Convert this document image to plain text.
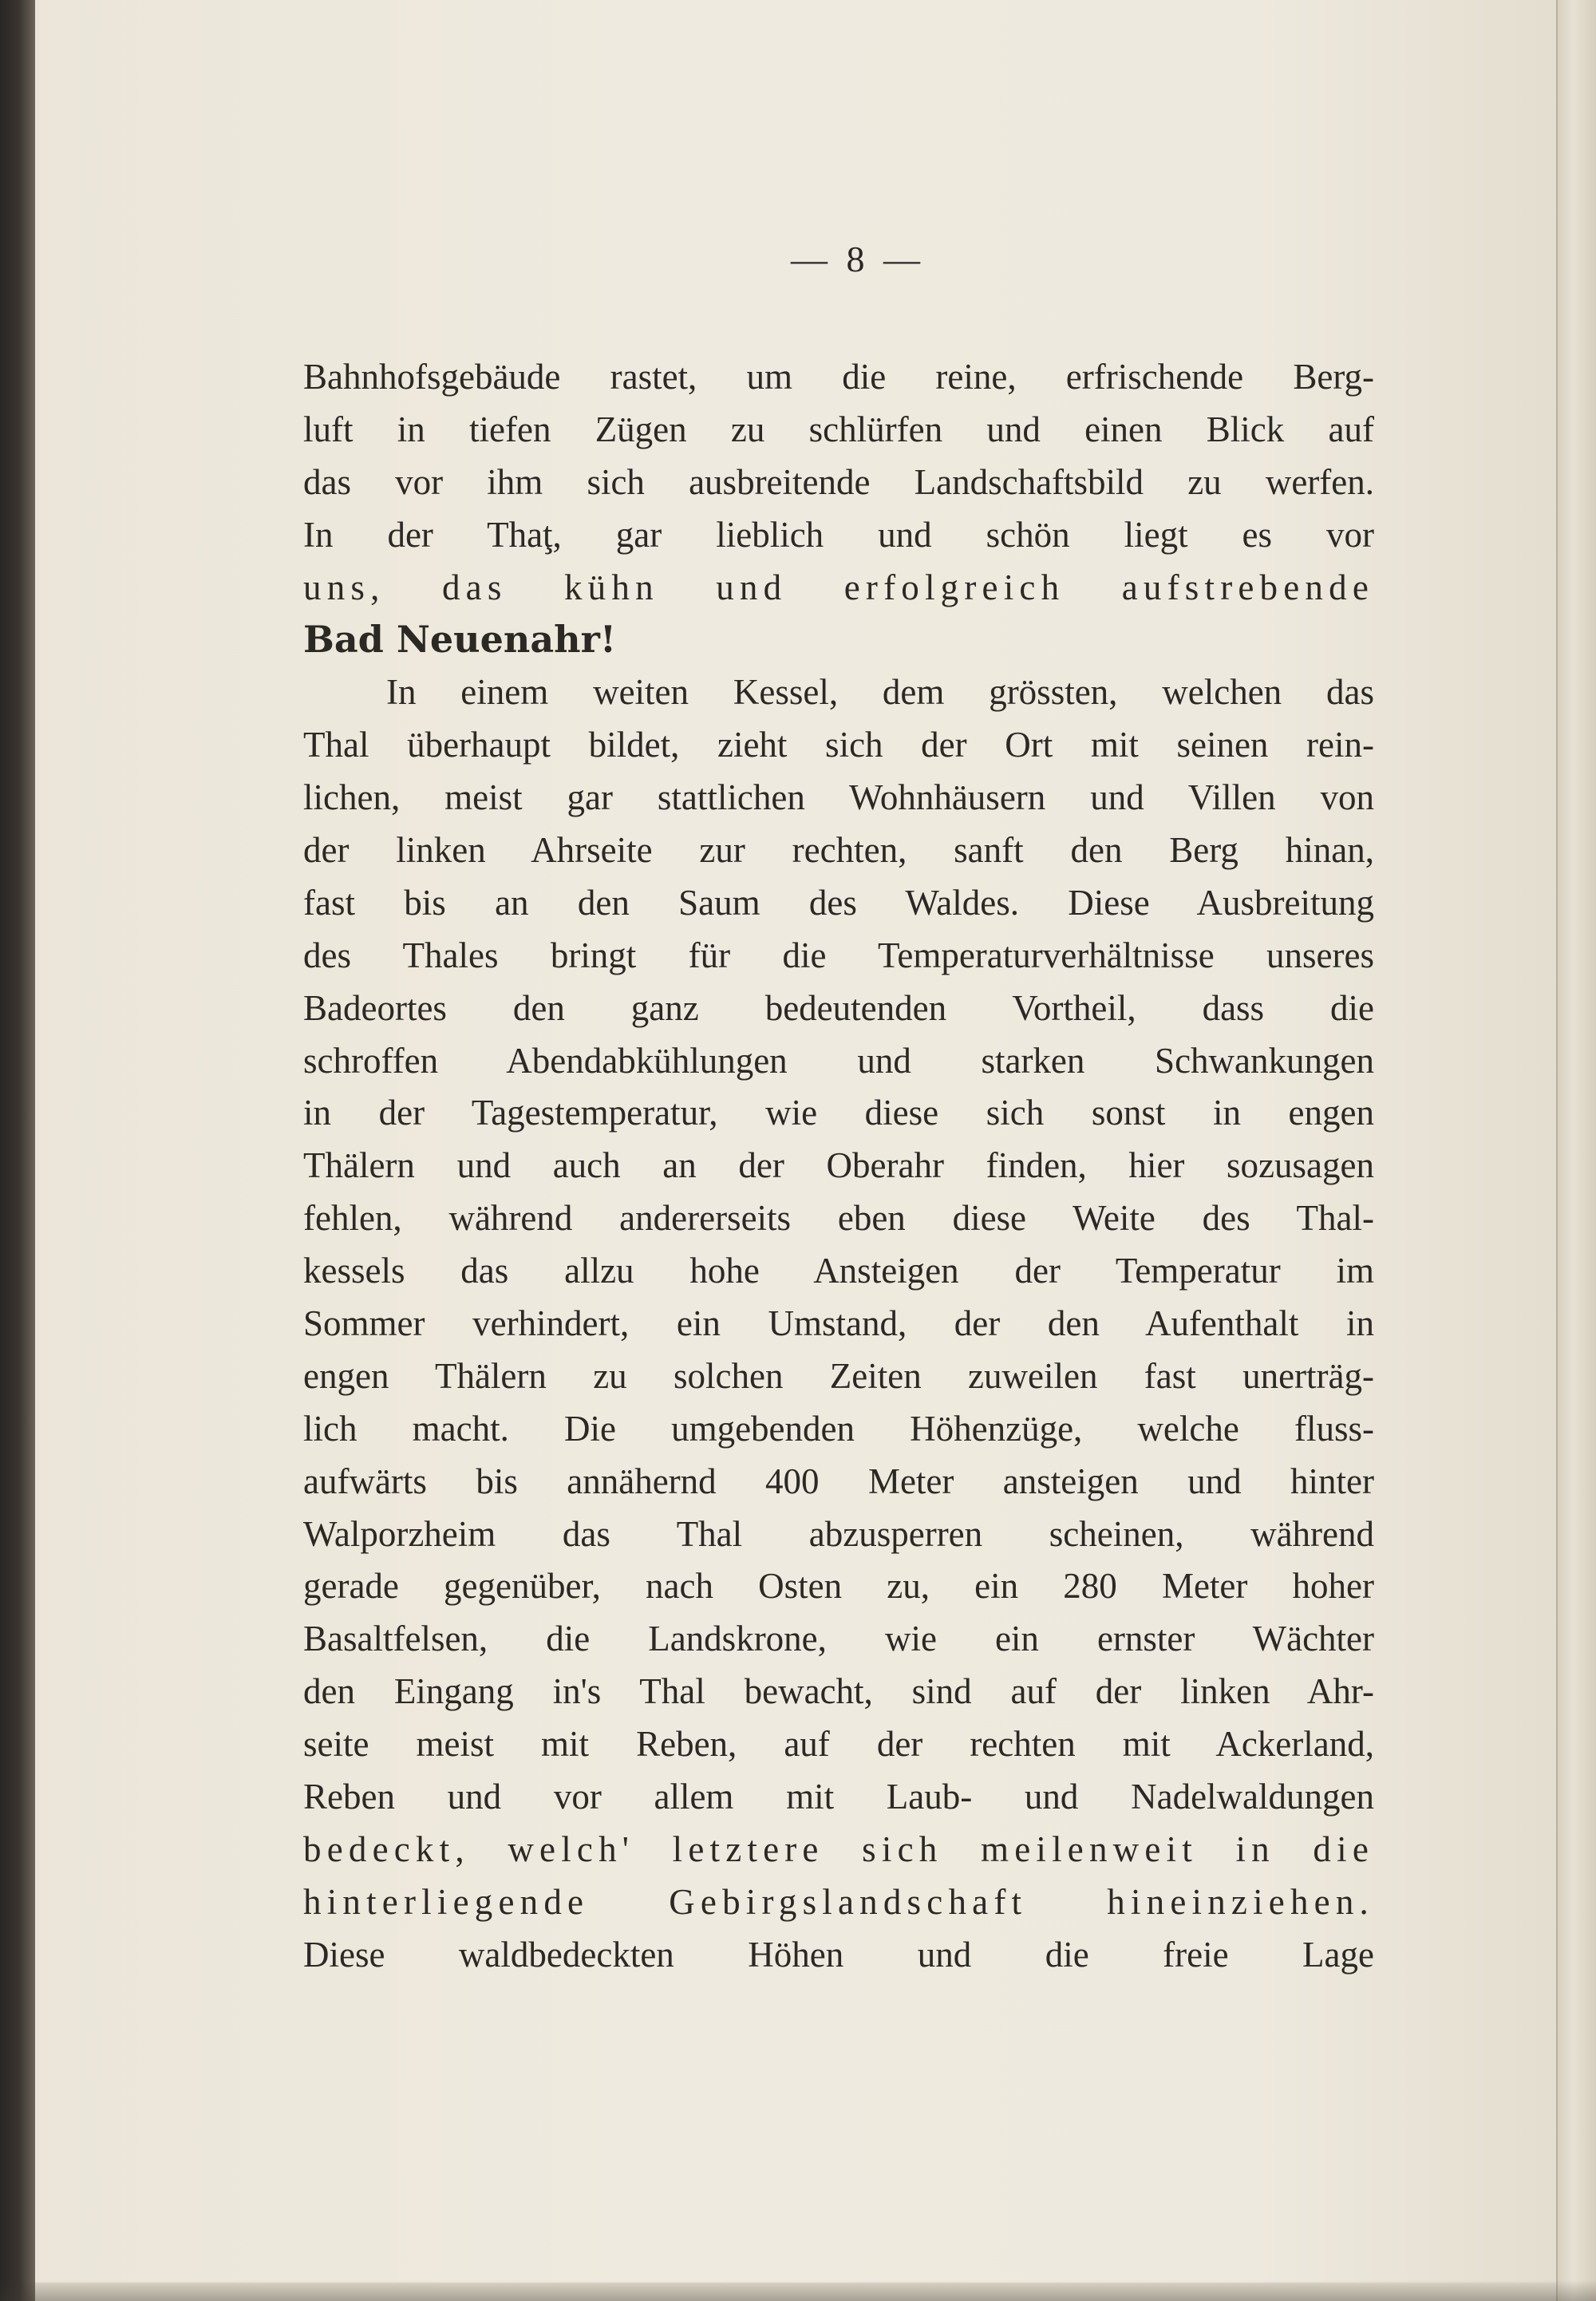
— 8 —
Bahnhofsgebäude rastet, um die reine, erfrischende Berg-
luft in tiefen Zügen zu schlürfen und einen Blick auf
das vor ihm sich ausbreitende Landschaftsbild zu werfen.
In der Thaţ, gar lieblich und schön liegt es vor
uns, das kühn und erfolgreich aufstrebende
Bad Neuenahr!
In einem weiten Kessel, dem grössten, welchen das
Thal überhaupt bildet, zieht sich der Ort mit seinen rein-
lichen, meist gar stattlichen Wohnhäusern und Villen von
der linken Ahrseite zur rechten, sanft den Berg hinan,
fast bis an den Saum des Waldes. Diese Ausbreitung
des Thales bringt für die Temperaturverhältnisse unseres
Badeortes den ganz bedeutenden Vortheil, dass die
schroffen Abendabkühlungen und starken Schwankungen
in der Tagestemperatur, wie diese sich sonst in engen
Thälern und auch an der Oberahr finden, hier sozusagen
fehlen, während andererseits eben diese Weite des Thal-
kessels das allzu hohe Ansteigen der Temperatur im
Sommer verhindert, ein Umstand, der den Aufenthalt in
engen Thälern zu solchen Zeiten zuweilen fast unerträg-
lich macht. Die umgebenden Höhenzüge, welche fluss-
aufwärts bis annähernd 400 Meter ansteigen und hinter
Walporzheim das Thal abzusperren scheinen, während
gerade gegenüber, nach Osten zu, ein 280 Meter hoher
Basaltfelsen, die Landskrone, wie ein ernster Wächter
den Eingang in's Thal bewacht, sind auf der linken Ahr-
seite meist mit Reben, auf der rechten mit Ackerland,
Reben und vor allem mit Laub- und Nadelwaldungen
bedeckt, welch' letztere sich meilenweit in die
hinterliegende Gebirgslandschaft hineinziehen.
Diese waldbedeckten Höhen und die freie Lage
